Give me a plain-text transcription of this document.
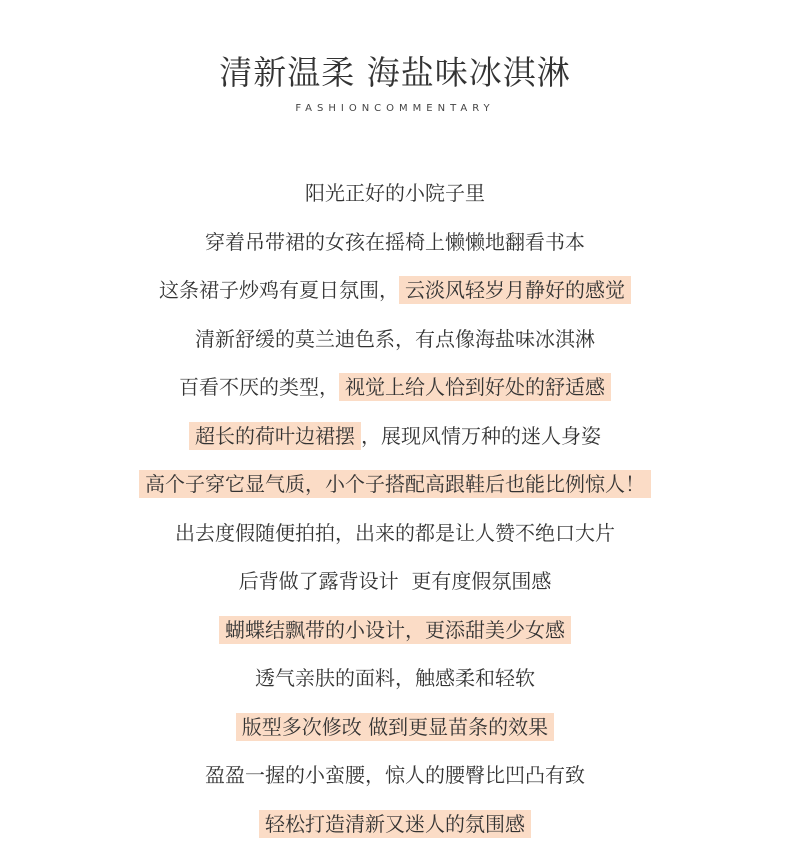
清新温柔 海盐味冰淇淋
FASHIONCOMMENTARY
阳光正好的小院子里
穿着吊带裙的女孩在摇椅上懒懒地翻看书本
这条裙子炒鸡有夏日氛围， 云淡风轻岁月静好的感觉
清新舒缓的莫兰迪色系，有点像海盐味冰淇淋
百看不厌的类型， 视觉上给人恰到好处的舒适感
超长的荷叶边裙摆 ，展现风情万种的迷人身姿
高个子穿它显气质，小个子搭配高跟鞋后也能比例惊人！
出去度假随便拍拍，出来的都是让人赞不绝口大片
后背做了露背设计  更有度假氛围感
蝴蝶结飘带的小设计，更添甜美少女感
透气亲肤的面料，触感柔和轻软
版型多次修改 做到更显苗条的效果
盈盈一握的小蛮腰，惊人的腰臀比凹凸有致
轻松打造清新又迷人的氛围感
